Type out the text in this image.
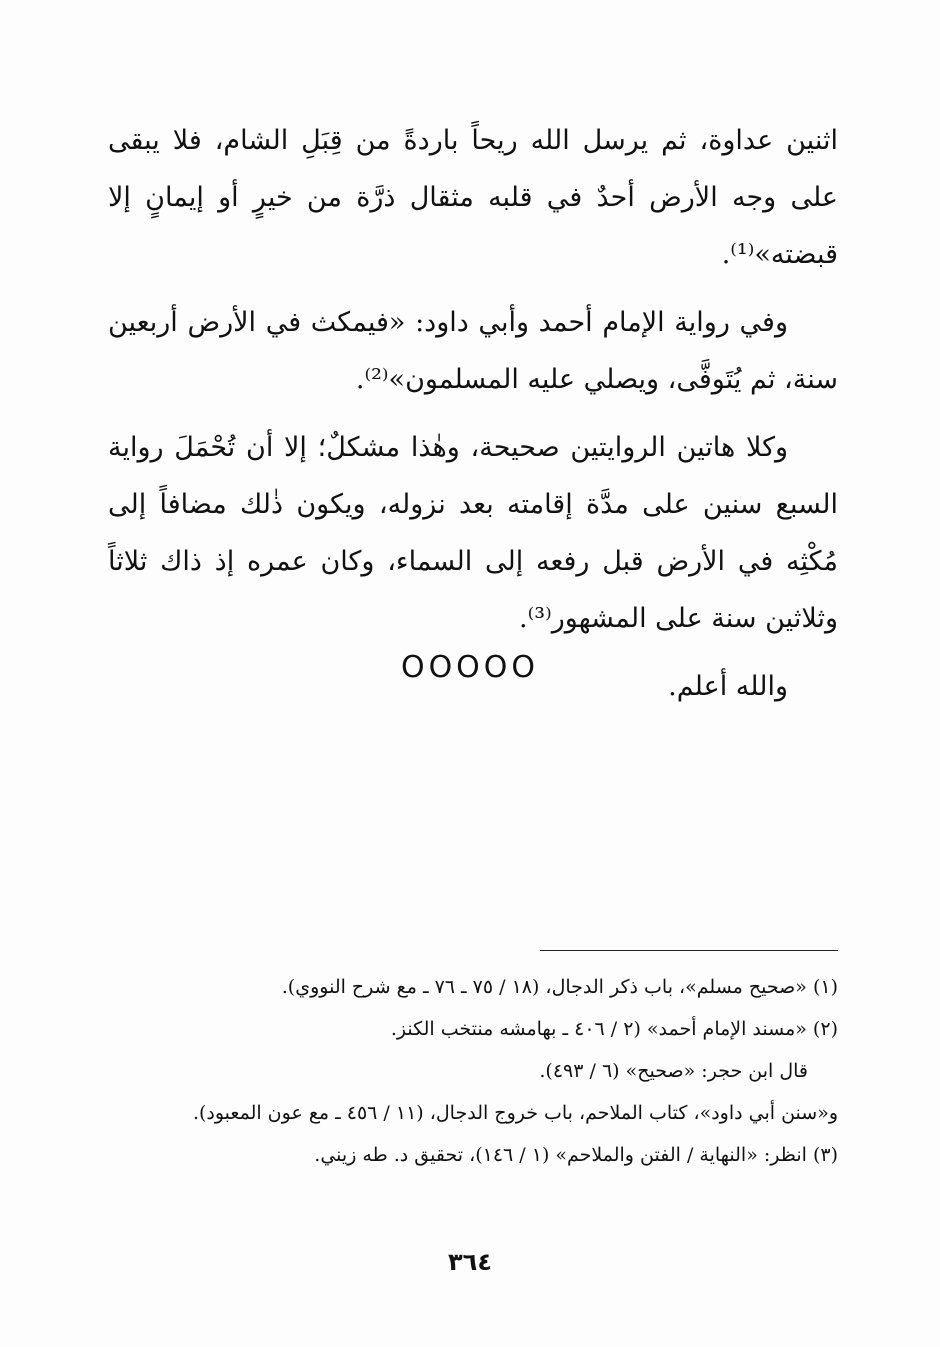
اثنين عداوة، ثم يرسل الله ريحاً باردةً من قِبَلِ الشام، فلا يبقى على وجه الأرض أحدٌ في قلبه مثقال ذرَّة من خيرٍ أو إيمانٍ إلا قبضته»⁽¹⁾.

وفي رواية الإمام أحمد وأبي داود: «فيمكث في الأرض أربعين سنة، ثم يُتَوفَّى، ويصلي عليه المسلمون»⁽²⁾.

وكلا هاتين الروايتين صحيحة، وهٰذا مشكلٌ؛ إلا أن تُحْمَلَ رواية السبع سنين على مدَّة إقامته بعد نزوله، ويكون ذٰلك مضافاً إلى مُكْثِه في الأرض قبل رفعه إلى السماء، وكان عمره إذ ذاك ثلاثاً وثلاثين سنة على المشهور⁽³⁾.

والله أعلم.

OOOOO

(١) «صحيح مسلم»، باب ذكر الدجال، (١٨ / ٧٥ ـ ٧٦ ـ مع شرح النووي).

(٢) «مسند الإمام أحمد» (٢ / ٤٠٦ ـ بهامشه منتخب الكنز.

قال ابن حجر: «صحيح» (٦ / ٤٩٣).

و«سنن أبي داود»، كتاب الملاحم، باب خروج الدجال، (١١ / ٤٥٦ ـ مع عون المعبود).

(٣) انظر: «النهاية / الفتن والملاحم» (١ / ١٤٦)، تحقيق د. طه زيني.

٣٦٤
